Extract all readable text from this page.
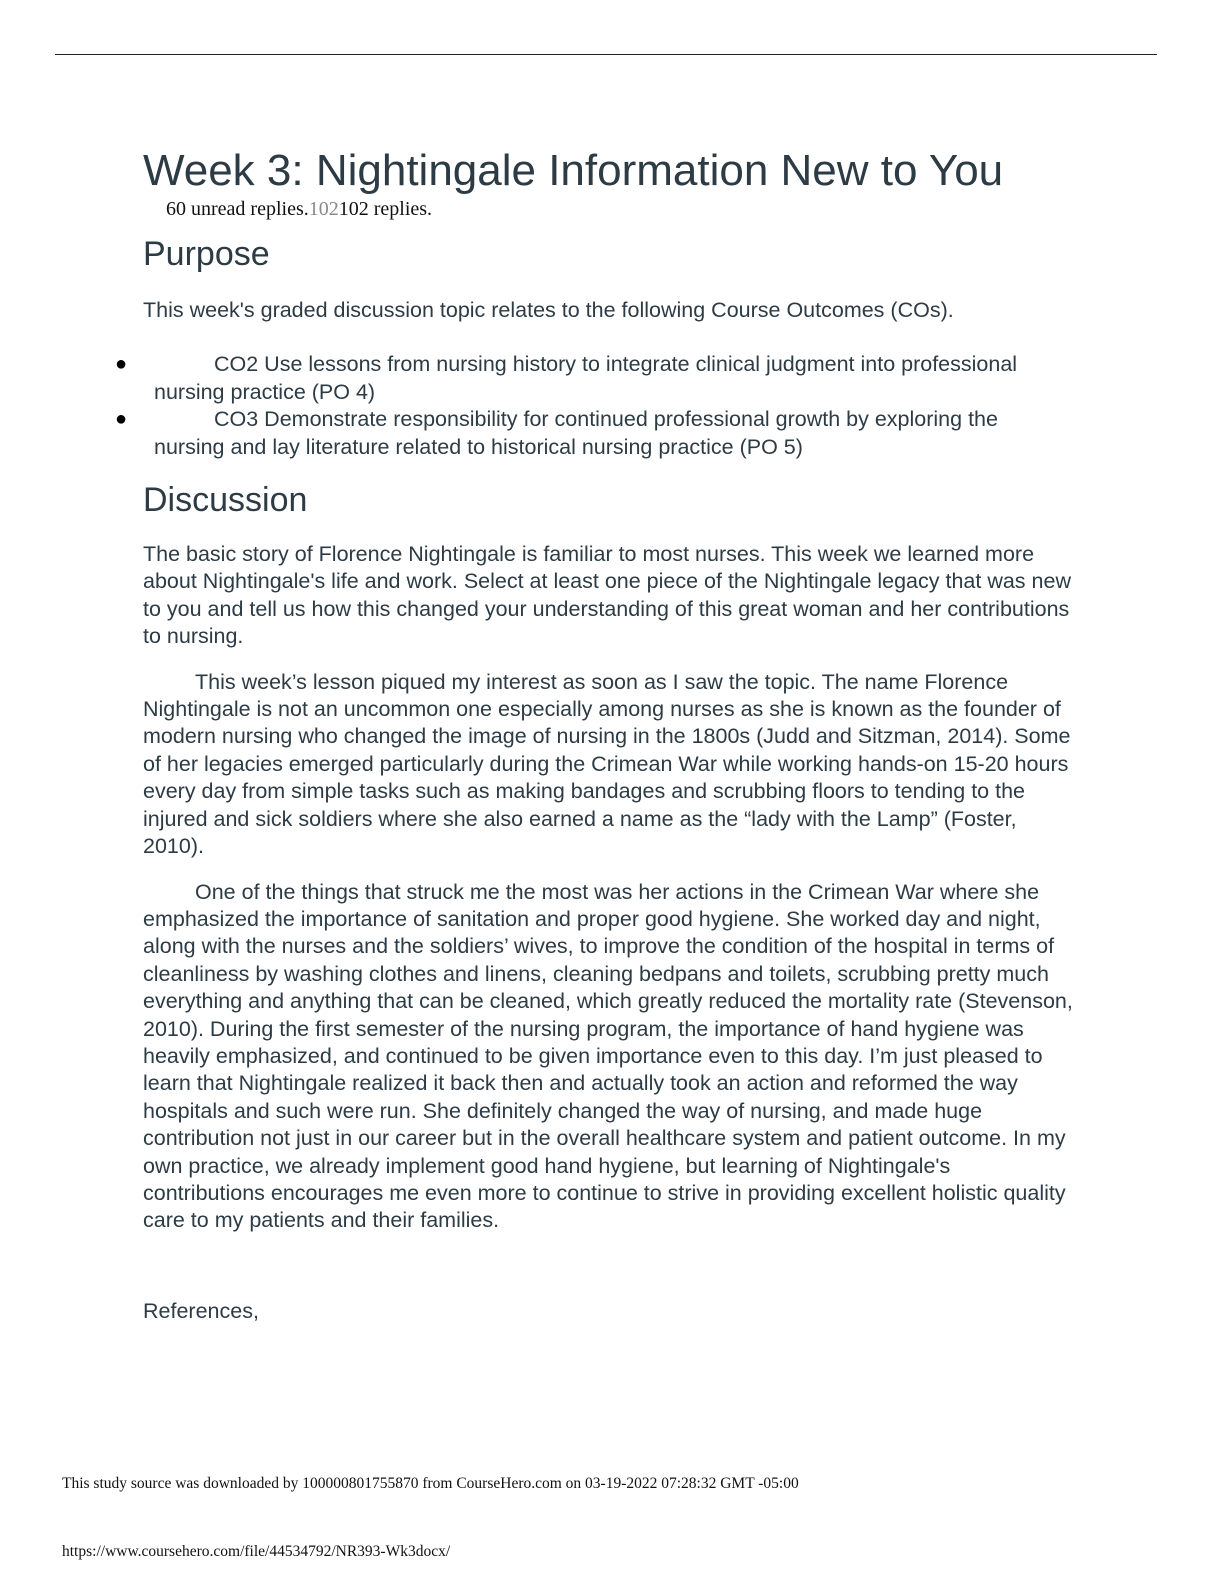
Week 3: Nightingale Information New to You
60 unread replies.102102 replies.
Purpose

This week's graded discussion topic relates to the following Course Outcomes (COs).

●	CO2 Use lessons from nursing history to integrate clinical judgment into professional nursing practice (PO 4)
●	CO3 Demonstrate responsibility for continued professional growth by exploring the nursing and lay literature related to historical nursing practice (PO 5)
Discussion

The basic story of Florence Nightingale is familiar to most nurses. This week we learned more about Nightingale's life and work. Select at least one piece of the Nightingale legacy that was new to you and tell us how this changed your understanding of this great woman and her contributions to nursing.

This week’s lesson piqued my interest as soon as I saw the topic. The name Florence Nightingale is not an uncommon one especially among nurses as she is known as the founder of modern nursing who changed the image of nursing in the 1800s (Judd and Sitzman, 2014). Some of her legacies emerged particularly during the Crimean War while working hands-on 15-20 hours every day from simple tasks such as making bandages and scrubbing floors to tending to the injured and sick soldiers where she also earned a name as the “lady with the Lamp” (Foster, 2010).

One of the things that struck me the most was her actions in the Crimean War where she emphasized the importance of sanitation and proper good hygiene. She worked day and night, along with the nurses and the soldiers’ wives, to improve the condition of the hospital in terms of cleanliness by washing clothes and linens, cleaning bedpans and toilets, scrubbing pretty much everything and anything that can be cleaned, which greatly reduced the mortality rate (Stevenson, 2010). During the first semester of the nursing program, the importance of hand hygiene was heavily emphasized, and continued to be given importance even to this day. I’m just pleased to learn that Nightingale realized it back then and actually took an action and reformed the way hospitals and such were run. She definitely changed the way of nursing, and made huge contribution not just in our career but in the overall healthcare system and patient outcome. In my own practice, we already implement good hand hygiene, but learning of Nightingale's contributions encourages me even more to continue to strive in providing excellent holistic quality care to my patients and their families.

References,

This study source was downloaded by 100000801755870 from CourseHero.com on 03-19-2022 07:28:32 GMT -05:00
https://www.coursehero.com/file/44534792/NR393-Wk3docx/
